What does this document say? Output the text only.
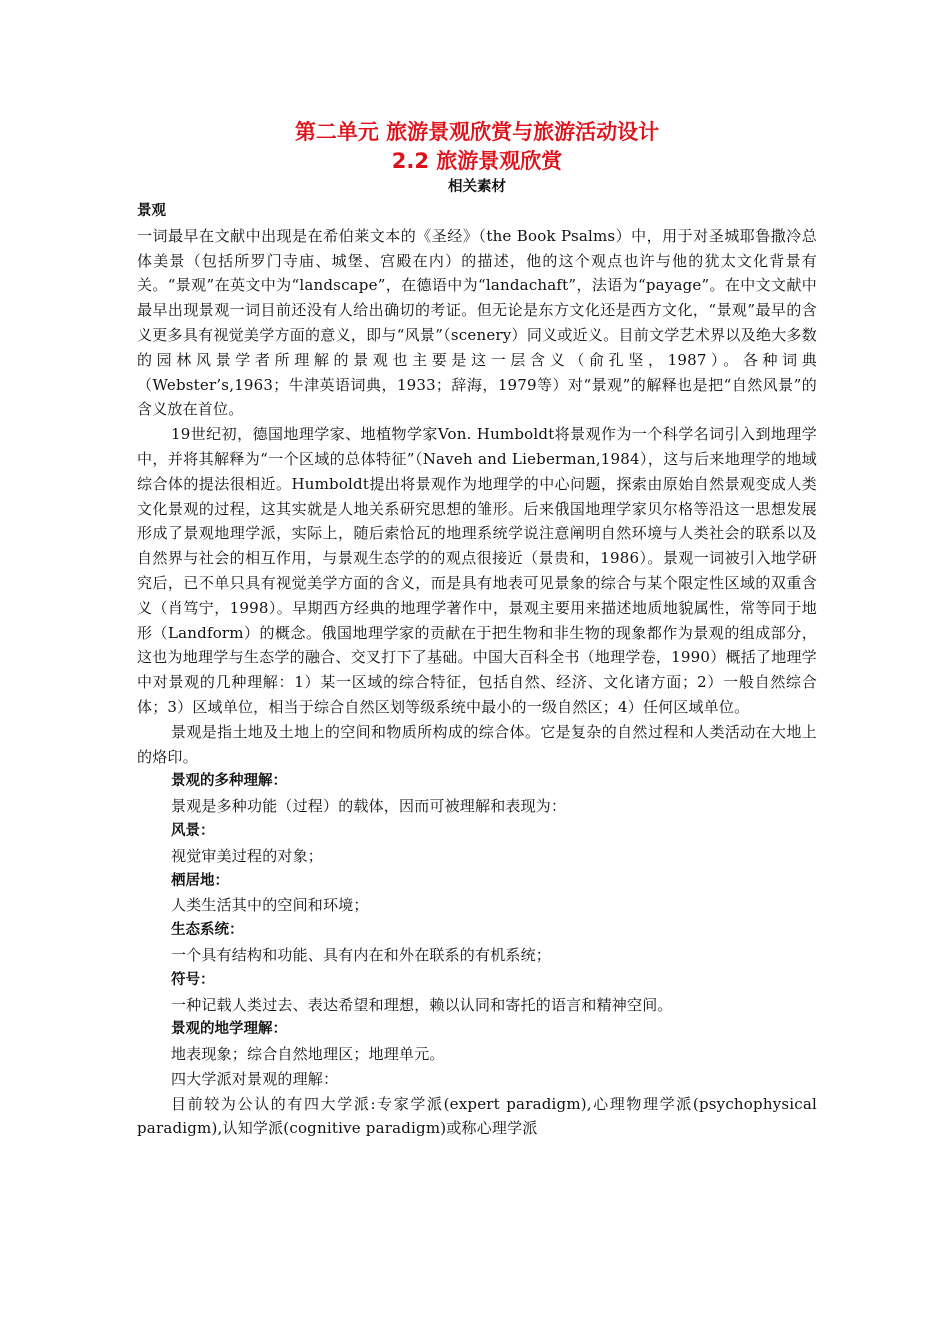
第二单元 旅游景观欣赏与旅游活动设计
2.2 旅游景观欣赏
相关素材
景观

一词最早在文献中出现是在希伯莱文本的《圣经》（the Book Psalms）中，用于对圣城耶鲁撒冷总体美景（包括所罗门寺庙、城堡、宫殿在内）的描述，他的这个观点也许与他的犹太文化背景有关。“景观”在英文中为“landscape”，在德语中为“landachaft”，法语为“payage”。在中文文献中最早出现景观一词目前还没有人给出确切的考证。但无论是东方文化还是西方文化，“景观”最早的含义更多具有视觉美学方面的意义，即与“风景”（scenery）同义或近义。目前文学艺术界以及绝大多数的园林风景学者所理解的景观也主要是这一层含义（俞孔坚，1987）。各种词典（Webster’s,1963；牛津英语词典，1933；辞海，1979等）对“景观”的解释也是把“自然风景”的含义放在首位。

19世纪初，德国地理学家、地植物学家Von. Humboldt将景观作为一个科学名词引入到地理学中，并将其解释为“一个区域的总体特征”（Naveh and Lieberman,1984），这与后来地理学的地域综合体的提法很相近。Humboldt提出将景观作为地理学的中心问题，探索由原始自然景观变成人类文化景观的过程，这其实就是人地关系研究思想的雏形。后来俄国地理学家贝尔格等沿这一思想发展形成了景观地理学派，实际上，随后索恰瓦的地理系统学说注意阐明自然环境与人类社会的联系以及自然界与社会的相互作用，与景观生态学的的观点很接近（景贵和，1986）。景观一词被引入地学研究后，已不单只具有视觉美学方面的含义，而是具有地表可见景象的综合与某个限定性区域的双重含义（肖笃宁，1998）。早期西方经典的地理学著作中，景观主要用来描述地质地貌属性，常等同于地形（Landform）的概念。俄国地理学家的贡献在于把生物和非生物的现象都作为景观的组成部分，这也为地理学与生态学的融合、交叉打下了基础。中国大百科全书（地理学卷，1990）概括了地理学中对景观的几种理解：1）某一区域的综合特征，包括自然、经济、文化诸方面；2）一般自然综合体；3）区域单位，相当于综合自然区划等级系统中最小的一级自然区；4）任何区域单位。

景观是指土地及土地上的空间和物质所构成的综合体。它是复杂的自然过程和人类活动在大地上的烙印。

景观的多种理解：

景观是多种功能（过程）的载体，因而可被理解和表现为：

风景：

视觉审美过程的对象；

栖居地：

人类生活其中的空间和环境；

生态系统：

一个具有结构和功能、具有内在和外在联系的有机系统；

符号：

一种记载人类过去、表达希望和理想，赖以认同和寄托的语言和精神空间。

景观的地学理解：

地表现象；综合自然地理区；地理单元。

四大学派对景观的理解：

目前较为公认的有四大学派:专家学派(expert paradigm),心理物理学派(psychophysical paradigm),认知学派(cognitive paradigm)或称心理学派
